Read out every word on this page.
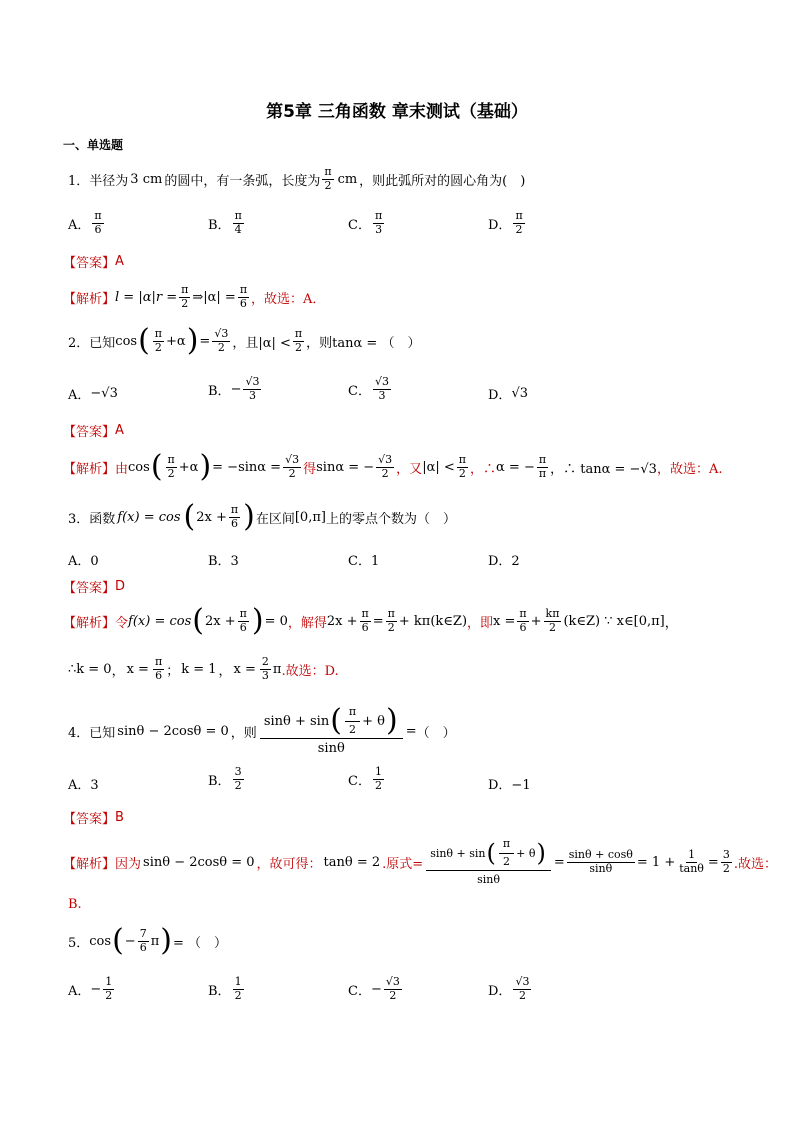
第5章 三角函数 章末测试（基础）
一、单选题
1． 半径为 3 cm 的圆中，有一条弧，长度为 $\frac{\pi}{2}$ cm ，则此弧所对的圆心角为(　)
A． $\frac{\pi}{6}$	B． $\frac{\pi}{4}$	C． $\frac{\pi}{3}$	D． $\frac{\pi}{2}$
【答案】 A
【解析】 $l = |\alpha|r = \frac{\pi}{2}$ ⇒|α| = $\frac{\pi}{6}$ ，故选：A．
2． 已知 cos ( $\frac{\pi}{2} +\alpha$ ) = $\frac{√3}{2}$ ，且$|\alpha| < \frac{\pi}{2}$ ，则tanα = （　）
A． −√3	B． − $\frac{√3}{3}$	C． $\frac{√3}{3}$	D． √3
【答案】 A
【解析】 由 cos ( $\frac{\pi}{2} +\alpha$ ) = $-\sin\alpha = \frac{√3}{2}$ 得 sinα = − $\frac{√3}{2}$ ，又 $|\alpha| < \frac{\pi}{2}$ ，∴ α = − $\frac{\pi}{\pi}$ ，∴ tanα = −√3 ，故选：A.
3． 函数 f(x) = cos ( $2x + \frac{\pi}{6}$ ) 在区间 [0,π] 上的零点个数为（　）
A．0	B．3	C．1	D．2
【答案】 D
【解析】 令 f(x) = cos ( $2x + \frac{\pi}{6}$ ) = 0 ，解得 $2x + \frac{\pi}{6} = \frac{\pi}{2}$ + kπ(k∈Z) ，即 $x = \frac{\pi}{6} + \frac{k\pi}{2}$ (k∈Z) ∵ x∈[0,π] ，
∴k = 0 ， $x = \frac{\pi}{6}$ ； k = 1 ， $x = \frac{2}{3}$ π .故选：D.
4． 已知 sinθ − 2cosθ = 0 ，则 $\frac{\sin\theta + \sin ( \frac{\pi}{2} + \theta )}{\sin\theta}$ = （　）
A．3	B． $\frac{3}{2}$	C． $\frac{1}{2}$	D．−1
【答案】 B
【解析】 因为 sinθ − 2cosθ = 0 ，故可得： tanθ = 2 .原式= $\frac{\sin\theta + \sin ( \frac{\pi}{2} + \theta )}{\sin\theta} = \frac{\sin\theta + \cos\theta}{\sin\theta} = 1 + \frac{1}{\tan\theta} = \frac{3}{2}$ .故选：
B.
5． cos ( − $\frac{7}{6}$ π ) = （　）
A． − $\frac{1}{2}$	B． $\frac{1}{2}$	C． − $\frac{√3}{2}$	D． $\frac{√3}{2}$
